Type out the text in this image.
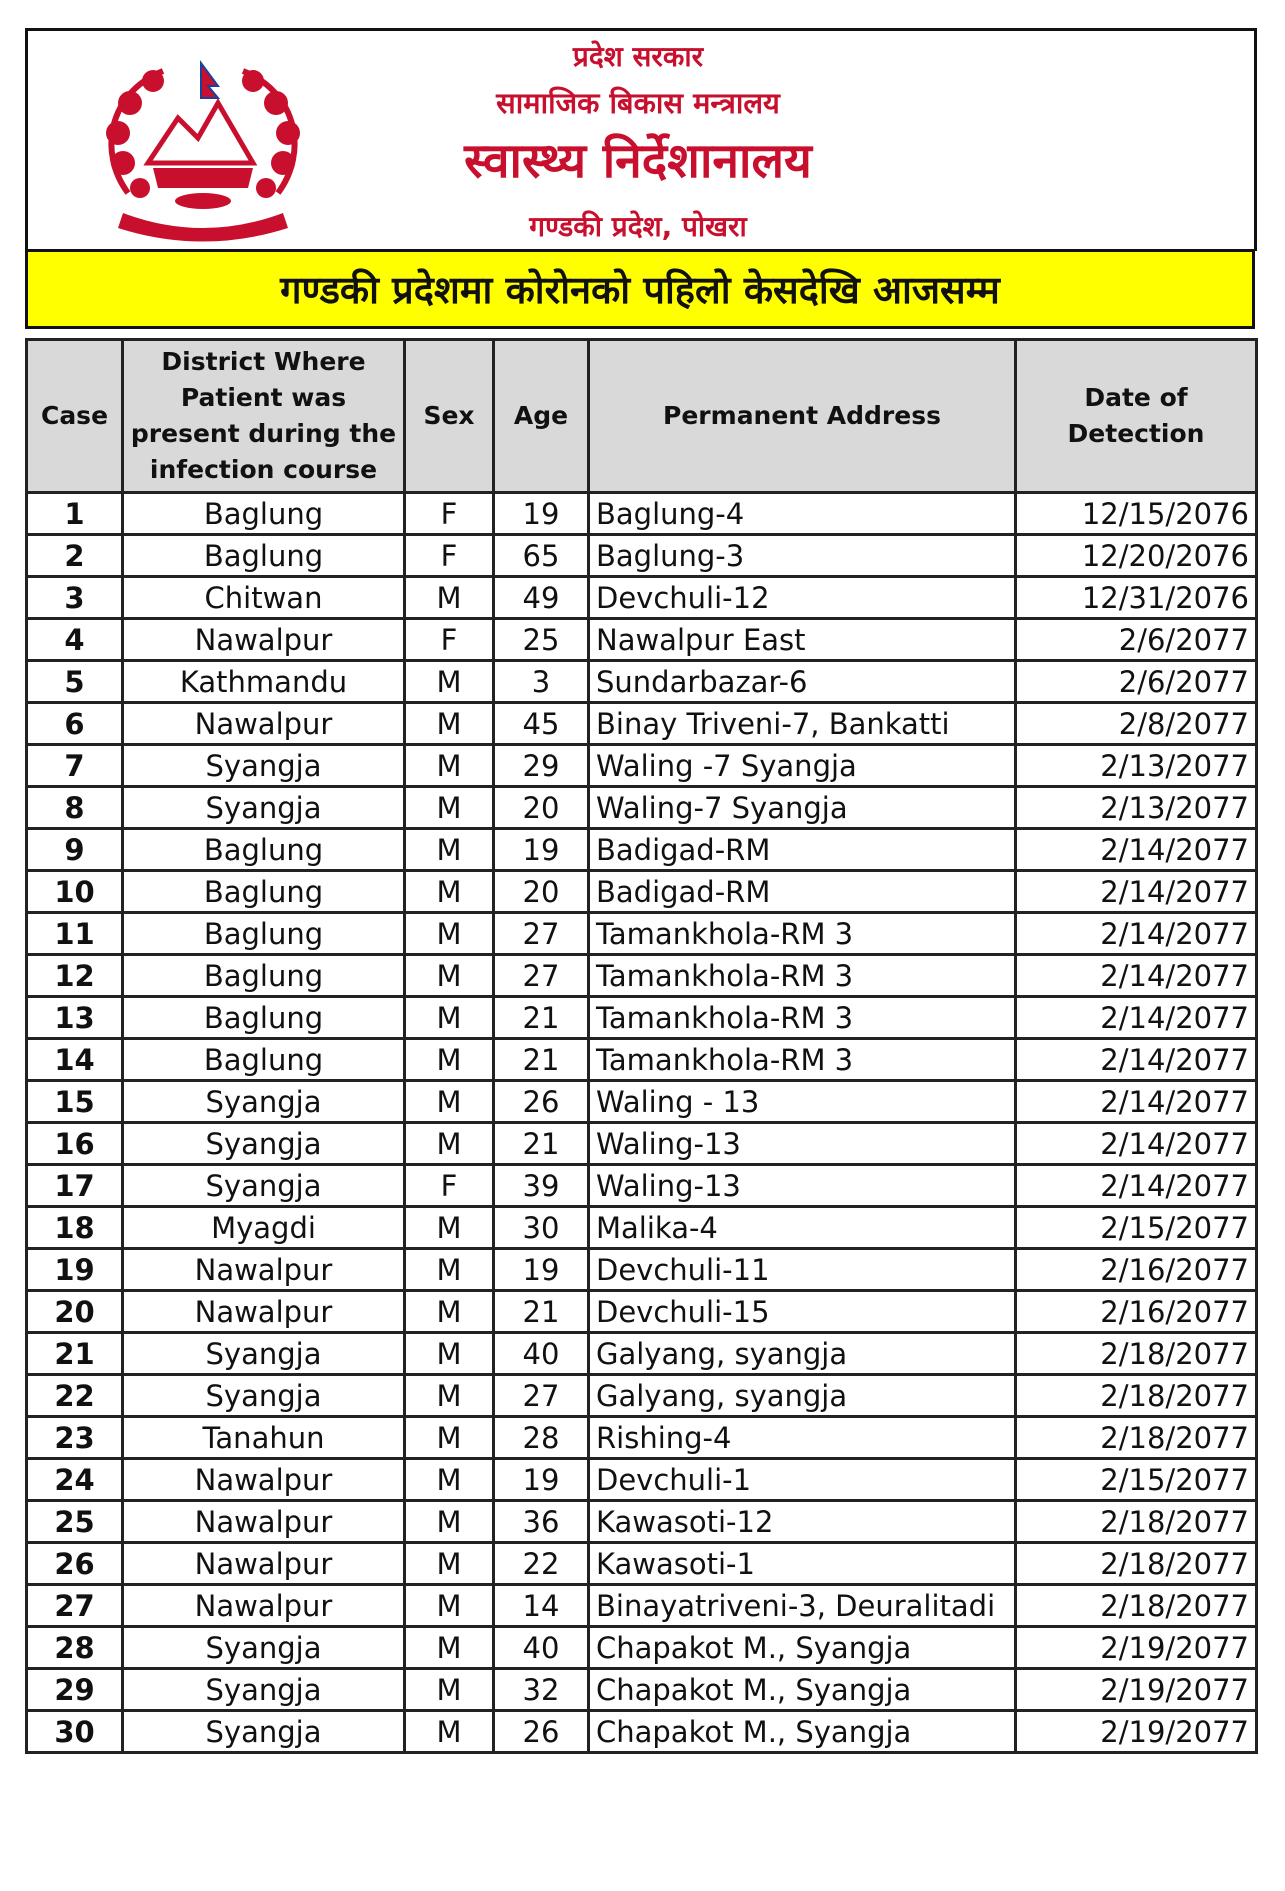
प्रदेश सरकार
सामाजिक बिकास मन्त्रालय
स्वास्थ्य निर्देशानालय
गण्डकी प्रदेश, पोखरा
गण्डकी प्रदेशमा कोरोनको पहिलो केसदेखि आजसम्म
Case	District Where Patient was present during the infection course	Sex	Age	Permanent Address	Date of Detection
1	Baglung	F	19	Baglung-4	12/15/2076
2	Baglung	F	65	Baglung-3	12/20/2076
3	Chitwan	M	49	Devchuli-12	12/31/2076
4	Nawalpur	F	25	Nawalpur East	2/6/2077
5	Kathmandu	M	3	Sundarbazar-6	2/6/2077
6	Nawalpur	M	45	Binay Triveni-7, Bankatti	2/8/2077
7	Syangja	M	29	Waling -7 Syangja	2/13/2077
8	Syangja	M	20	Waling-7 Syangja	2/13/2077
9	Baglung	M	19	Badigad-RM	2/14/2077
10	Baglung	M	20	Badigad-RM	2/14/2077
11	Baglung	M	27	Tamankhola-RM 3	2/14/2077
12	Baglung	M	27	Tamankhola-RM 3	2/14/2077
13	Baglung	M	21	Tamankhola-RM 3	2/14/2077
14	Baglung	M	21	Tamankhola-RM 3	2/14/2077
15	Syangja	M	26	Waling - 13	2/14/2077
16	Syangja	M	21	Waling-13	2/14/2077
17	Syangja	F	39	Waling-13	2/14/2077
18	Myagdi	M	30	Malika-4	2/15/2077
19	Nawalpur	M	19	Devchuli-11	2/16/2077
20	Nawalpur	M	21	Devchuli-15	2/16/2077
21	Syangja	M	40	Galyang, syangja	2/18/2077
22	Syangja	M	27	Galyang, syangja	2/18/2077
23	Tanahun	M	28	Rishing-4	2/18/2077
24	Nawalpur	M	19	Devchuli-1	2/15/2077
25	Nawalpur	M	36	Kawasoti-12	2/18/2077
26	Nawalpur	M	22	Kawasoti-1	2/18/2077
27	Nawalpur	M	14	Binayatriveni-3, Deuralitadi	2/18/2077
28	Syangja	M	40	Chapakot M., Syangja	2/19/2077
29	Syangja	M	32	Chapakot M., Syangja	2/19/2077
30	Syangja	M	26	Chapakot M., Syangja	2/19/2077
